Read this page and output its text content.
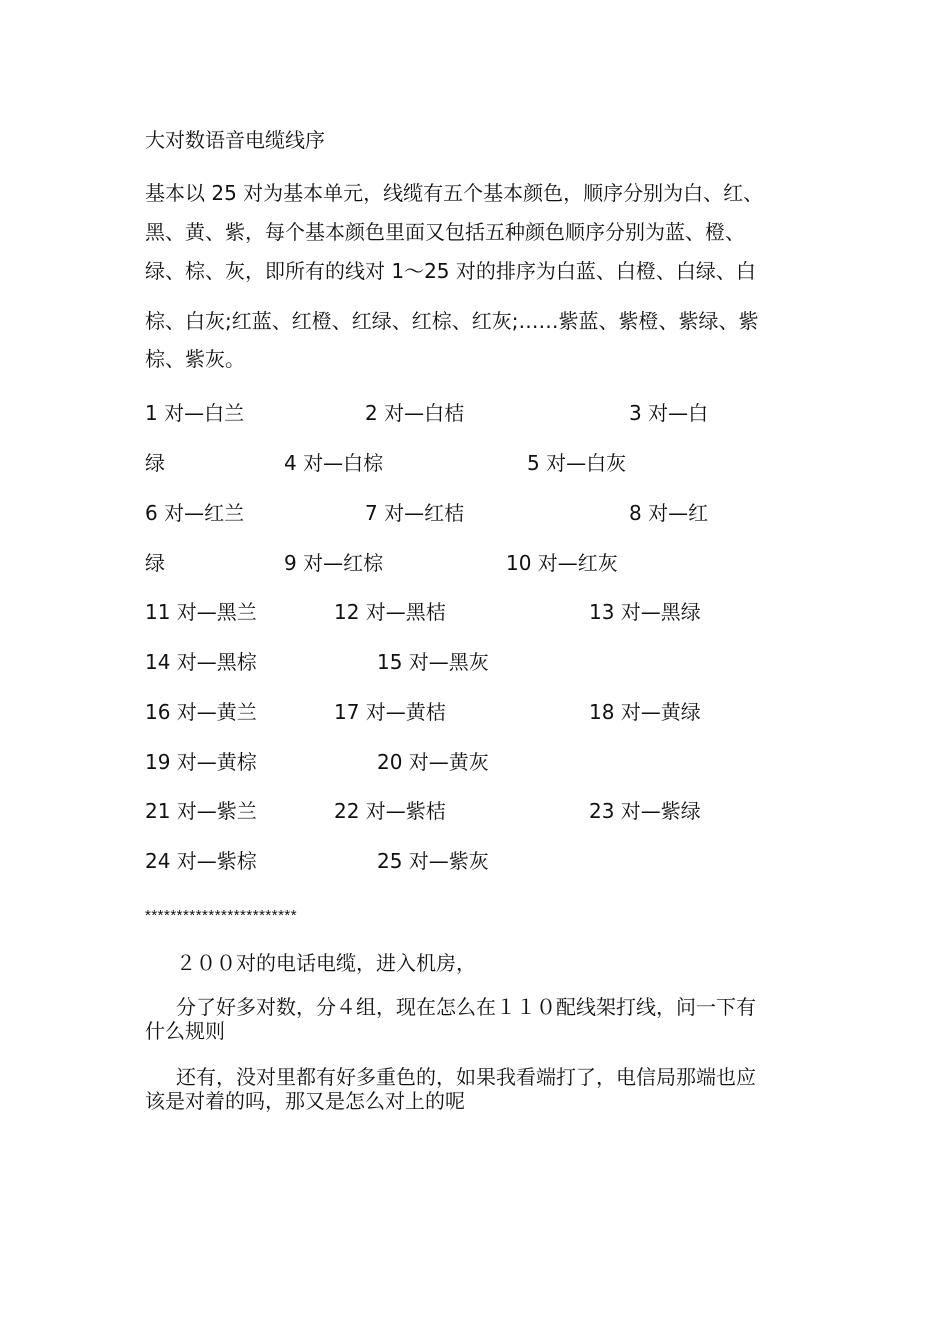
大对数语音电缆线序
基本以 25 对为基本单元，线缆有五个基本颜色，顺序分别为白、红、
黑、黄、紫，每个基本颜色里面又包括五种颜色顺序分别为蓝、橙、
绿、棕、灰，即所有的线对 1～25 对的排序为白蓝、白橙、白绿、白
棕、白灰;红蓝、红橙、红绿、红棕、红灰;……紫蓝、紫橙、紫绿、紫
棕、紫灰。
1 对—白兰	2 对—白桔	3 对—白
绿	4 对—白棕	5 对—白灰
6 对—红兰	7 对—红桔	8 对—红
绿	9 对—红棕	10 对—红灰
11 对—黑兰	12 对—黑桔	13 对—黑绿
14 对—黑棕	15 对—黑灰
16 对—黄兰	17 对—黄桔	18 对—黄绿
19 对—黄棕	20 对—黄灰
21 对—紫兰	22 对—紫桔	23 对—紫绿
24 对—紫棕	25 对—紫灰
************************
２００对的电话电缆，进入机房，
分了好多对数，分４组，现在怎么在１１０配线架打线，问一下有
什么规则
还有，没对里都有好多重色的，如果我看端打了，电信局那端也应
该是对着的吗，那又是怎么对上的呢
